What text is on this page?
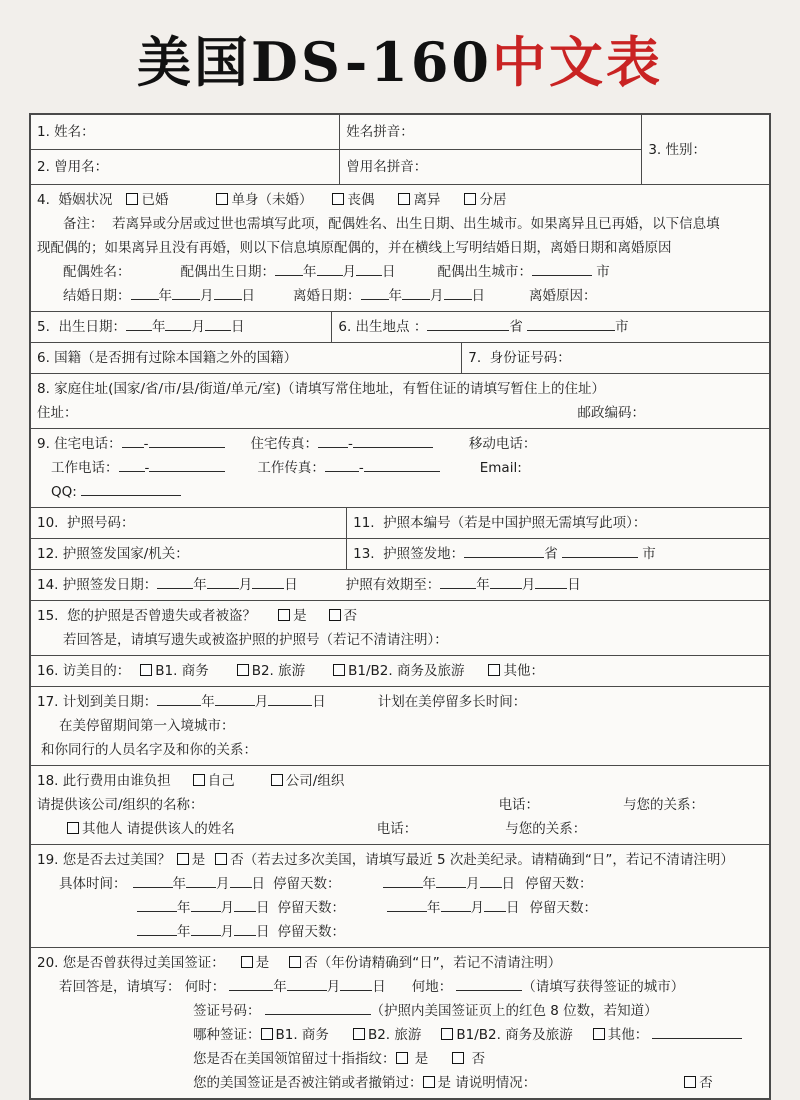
美国DS-160中文表
1. 姓名：	姓名拼音：
2. 曾用名：	曾用名拼音：
3. 性别：
4.  婚姻状况 已婚	单身（未婚）	丧偶	离异	分居
备注：  若离异或分居或过世也需填写此项，配偶姓名、出生日期、出生城市。如果离异且已再婚，以下信息填
现配偶的；如果离异且没有再婚，则以下信息填原配偶的，并在横线上写明结婚日期，离婚日期和离婚原因
配偶姓名：	配偶出生日期： 年 月 日	配偶出生城市：	市
结婚日期： 年 月 日	离婚日期： 年 月 日	离婚原因：
5.  出生日期： 年 月 日	6. 出生地点 ：	省	市
6. 国籍（是否拥有过除本国籍之外的国籍）	7.  身份证号码：
8. 家庭住址(国家/省/市/县/街道/单元/室)（请填写常住地址，有暂住证的请填写暂住上的住址）
住址：	邮政编码：
9. 住宅电话： -	住宅传真： -	移动电话：
工作电话： -	工作传真：	-	Email:
QQ:
10.  护照号码：	11.  护照本编号（若是中国护照无需填写此项）：
12. 护照签发国家/机关：	13.  护照签发地：	省	市
14. 护照签发日期：	年 月 日	护照有效期至：	年 月 日
15.  您的护照是否曾遗失或者被盗？	是	否
若回答是，请填写遗失或被盗护照的护照号（若记不清请注明）：
16. 访美目的： B1. 商务	B2. 旅游	B1/B2. 商务及旅游	其他：
17. 计划到美日期：	年	月	日	计划在美停留多长时间：
在美停留期间第一入境城市：
和你同行的人员名字及和你的关系：
18. 此行费用由谁负担	自己	公司/组织
请提供该公司/组织的名称：	电话：	与您的关系：
其他人 请提供该人的姓名	电话：	与您的关系：
19. 您是否去过美国？ 是 否（若去过多次美国，请填写最近 5 次赴美纪录。请精确到“日”，若记不清请注明）
具体时间：	年 月 日 停留天数：	年 月 日 停留天数：
年 月 日 停留天数：	年 月 日 停留天数：
年 月 日 停留天数：
20. 您是否曾获得过美国签证： 是	否（年份请精确到“日”，若记不清请注明）
若回答是，请填写： 何时：	年	月 日 何地：	（请填写获得签证的城市）
签证号码：	（护照内美国签证页上的红色 8 位数，若知道）
哪种签证： B1. 商务	B2. 旅游	B1/B2. 商务及旅游	其他：
您是否在美国领馆留过十指指纹： 是	否
您的美国签证是否被注销或者撤销过： 是 请说明情况：	否
